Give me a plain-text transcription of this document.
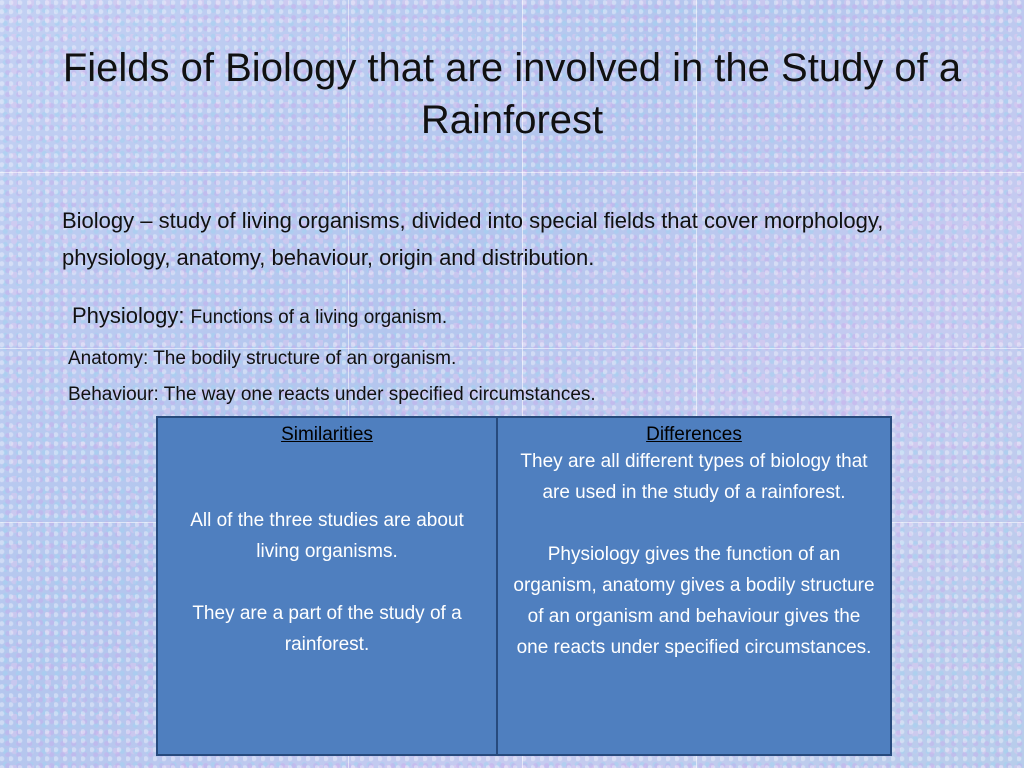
Fields of Biology that are involved in the Study of a Rainforest

Biology – study of living organisms, divided into special fields that cover morphology, physiology, anatomy, behaviour, origin and distribution.

Physiology: Functions of a living organism.

Anatomy: The bodily structure of an organism.

Behaviour: The way one reacts under specified circumstances.

Similarities

All of the three studies are about living organisms.

They are a part of the study of a rainforest.

Differences

They are all different types of biology that are used in the study of a rainforest.

Physiology gives the function of an organism, anatomy gives a bodily structure of an organism and behaviour gives the one reacts under specified circumstances.
